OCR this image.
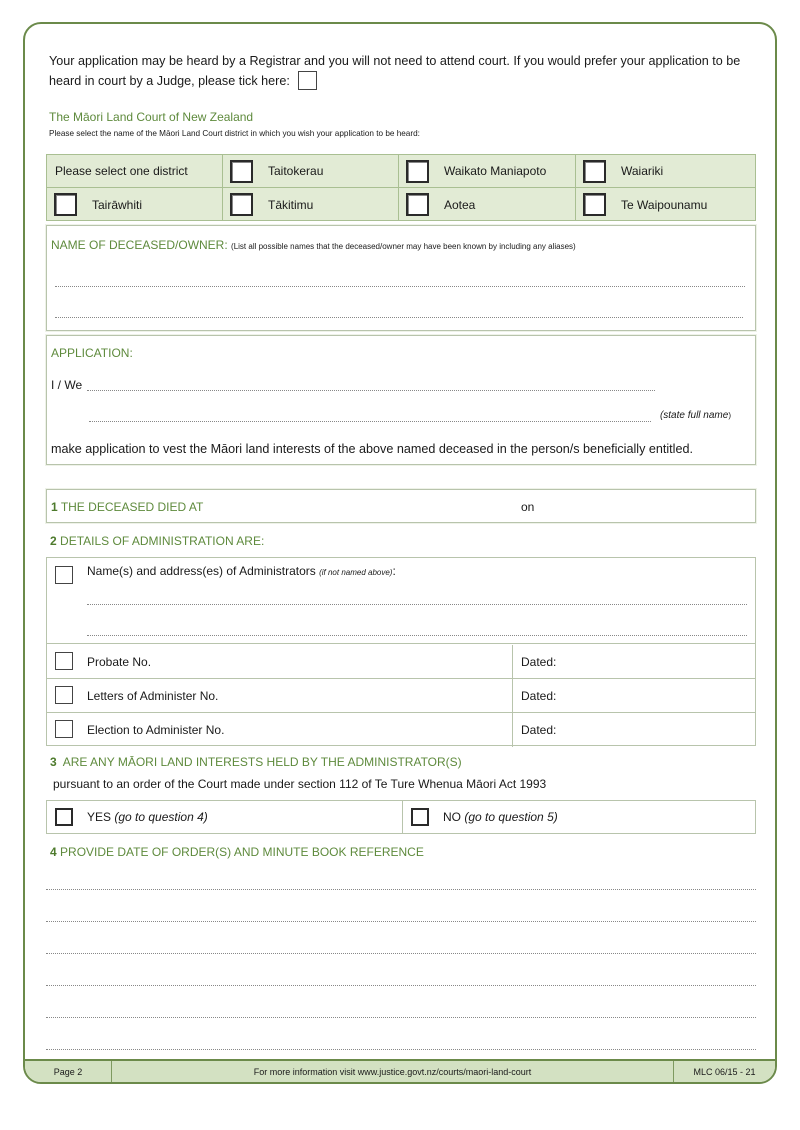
Your application may be heard by a Registrar and you will not need to attend court. If you would prefer your application to be heard in court by a Judge, please tick here:
The Māori Land Court of New Zealand
Please select the name of the Māori Land Court district in which you wish your application to be heard:
Please select one district	Taitokerau	Waikato Maniapoto	Waiariki
Tairāwhiti	Tākitimu	Aotea	Te Waipounamu
NAME OF DECEASED/OWNER: (List all possible names that the deceased/owner may have been known by including any aliases)
APPLICATION:
I / We
(state full name)
make application to vest the Māori land interests of the above named deceased in the person/s beneficially entitled.
1 THE DECEASED DIED AT	on
2 DETAILS OF ADMINISTRATION ARE:
Name(s) and address(es) of Administrators (if not named above):
Probate No.	Dated:
Letters of Administer No.	Dated:
Election to Administer No.	Dated:
3 ARE ANY MĀORI LAND INTERESTS HELD BY THE ADMINISTRATOR(S)
pursuant to an order of the Court made under section 112 of Te Ture Whenua Māori Act 1993
YES (go to question 4)	NO (go to question 5)
4 PROVIDE DATE OF ORDER(S) AND MINUTE BOOK REFERENCE
Page 2	For more information visit www.justice.govt.nz/courts/maori-land-court	MLC 06/15 - 21
